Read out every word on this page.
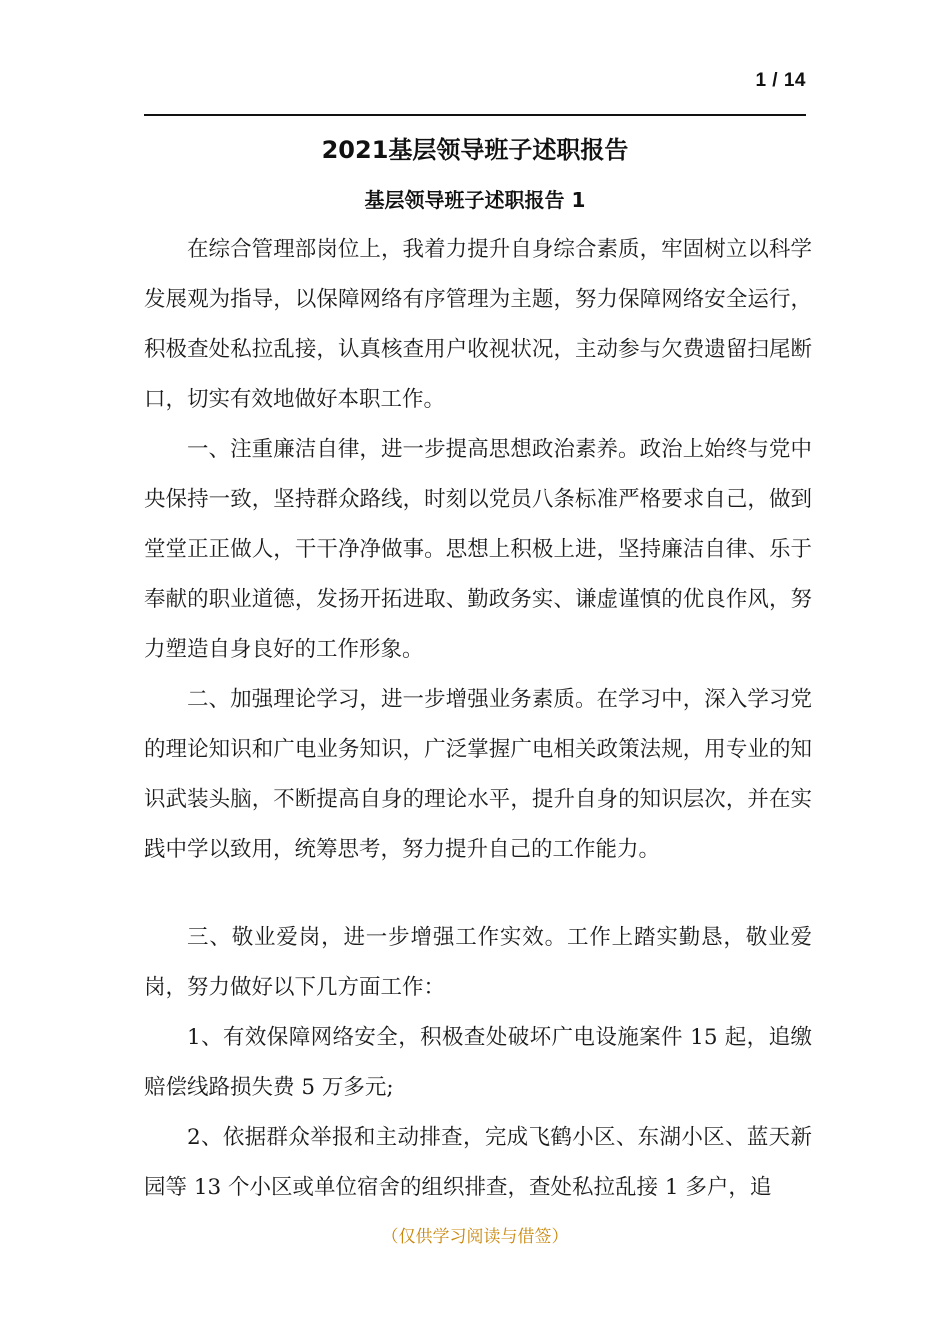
1 / 14
2021基层领导班子述职报告
基层领导班子述职报告 1

在综合管理部岗位上，我着力提升自身综合素质，牢固树立以科学发展观为指导，以保障网络有序管理为主题，努力保障网络安全运行，积极查处私拉乱接，认真核查用户收视状况，主动参与欠费遗留扫尾断口，切实有效地做好本职工作。

一、注重廉洁自律，进一步提高思想政治素养。政治上始终与党中央保持一致，坚持群众路线，时刻以党员八条标准严格要求自己，做到堂堂正正做人，干干净净做事。思想上积极上进，坚持廉洁自律、乐于奉献的职业道德，发扬开拓进取、勤政务实、谦虚谨慎的优良作风，努力塑造自身良好的工作形象。

二、加强理论学习，进一步增强业务素质。在学习中，深入学习党的理论知识和广电业务知识，广泛掌握广电相关政策法规，用专业的知识武装头脑，不断提高自身的理论水平，提升自身的知识层次，并在实践中学以致用，统筹思考，努力提升自己的工作能力。

三、敬业爱岗，进一步增强工作实效。工作上踏实勤恳，敬业爱岗，努力做好以下几方面工作：

1、有效保障网络安全，积极查处破坏广电设施案件 15 起，追缴赔偿线路损失费 5 万多元;

2、依据群众举报和主动排查，完成飞鹤小区、东湖小区、蓝天新园等 13 个小区或单位宿舍的组织排查，查处私拉乱接 1 多户，追

（仅供学习阅读与借签）
